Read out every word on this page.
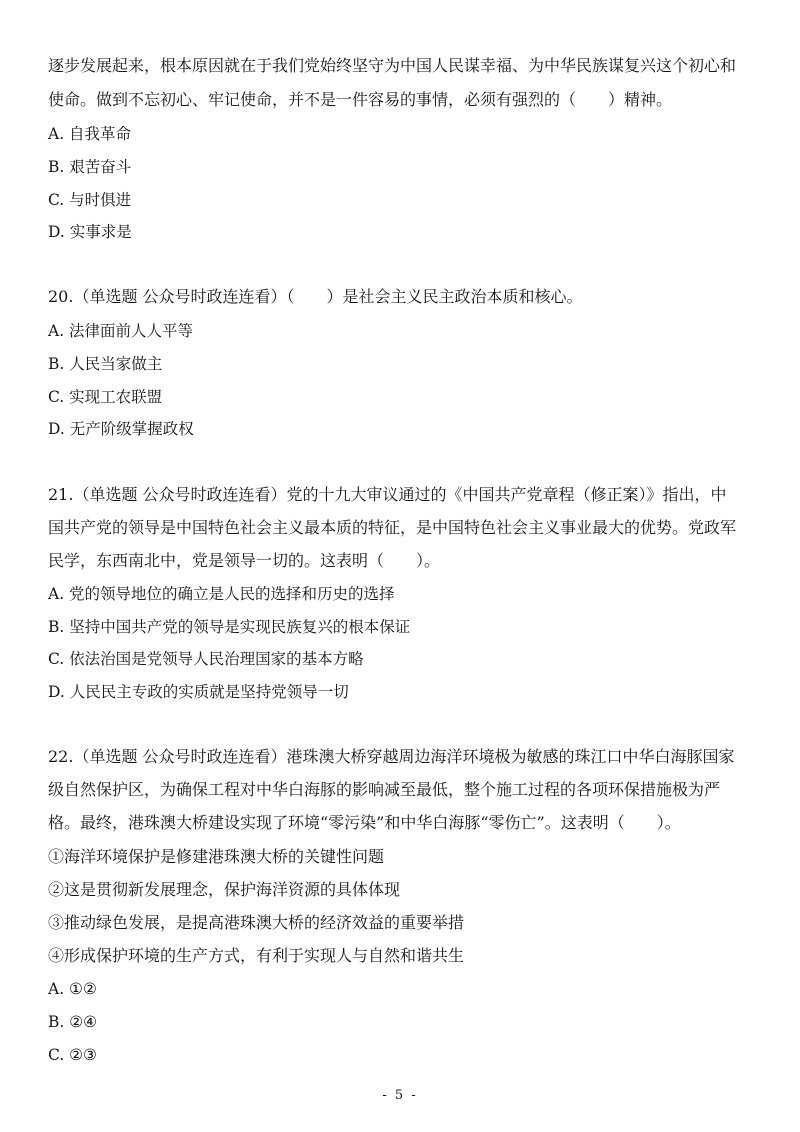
逐步发展起来，根本原因就在于我们党始终坚守为中国人民谋幸福、为中华民族谋复兴这个初心和
使命。做到不忘初心、牢记使命，并不是一件容易的事情，必须有强烈的（　　）精神。
A. 自我革命
B. 艰苦奋斗
C. 与时俱进
D. 实事求是
20.（单选题 公众号时政连连看）（　　）是社会主义民主政治本质和核心。
A. 法律面前人人平等
B. 人民当家做主
C. 实现工农联盟
D. 无产阶级掌握政权
21.（单选题 公众号时政连连看）党的十九大审议通过的《中国共产党章程（修正案）》指出，中
国共产党的领导是中国特色社会主义最本质的特征，是中国特色社会主义事业最大的优势。党政军
民学，东西南北中，党是领导一切的。这表明（　　）。
A. 党的领导地位的确立是人民的选择和历史的选择
B. 坚持中国共产党的领导是实现民族复兴的根本保证
C. 依法治国是党领导人民治理国家的基本方略
D. 人民民主专政的实质就是坚持党领导一切
22.（单选题 公众号时政连连看）港珠澳大桥穿越周边海洋环境极为敏感的珠江口中华白海豚国家
级自然保护区，为确保工程对中华白海豚的影响减至最低，整个施工过程的各项环保措施极为严
格。最终，港珠澳大桥建设实现了环境“零污染”和中华白海豚“零伤亡”。这表明（　　）。
①海洋环境保护是修建港珠澳大桥的关键性问题
②这是贯彻新发展理念，保护海洋资源的具体体现
③推动绿色发展，是提高港珠澳大桥的经济效益的重要举措
④形成保护环境的生产方式，有利于实现人与自然和谐共生
A. ①②
B. ②④
C. ②③
- 5 -
